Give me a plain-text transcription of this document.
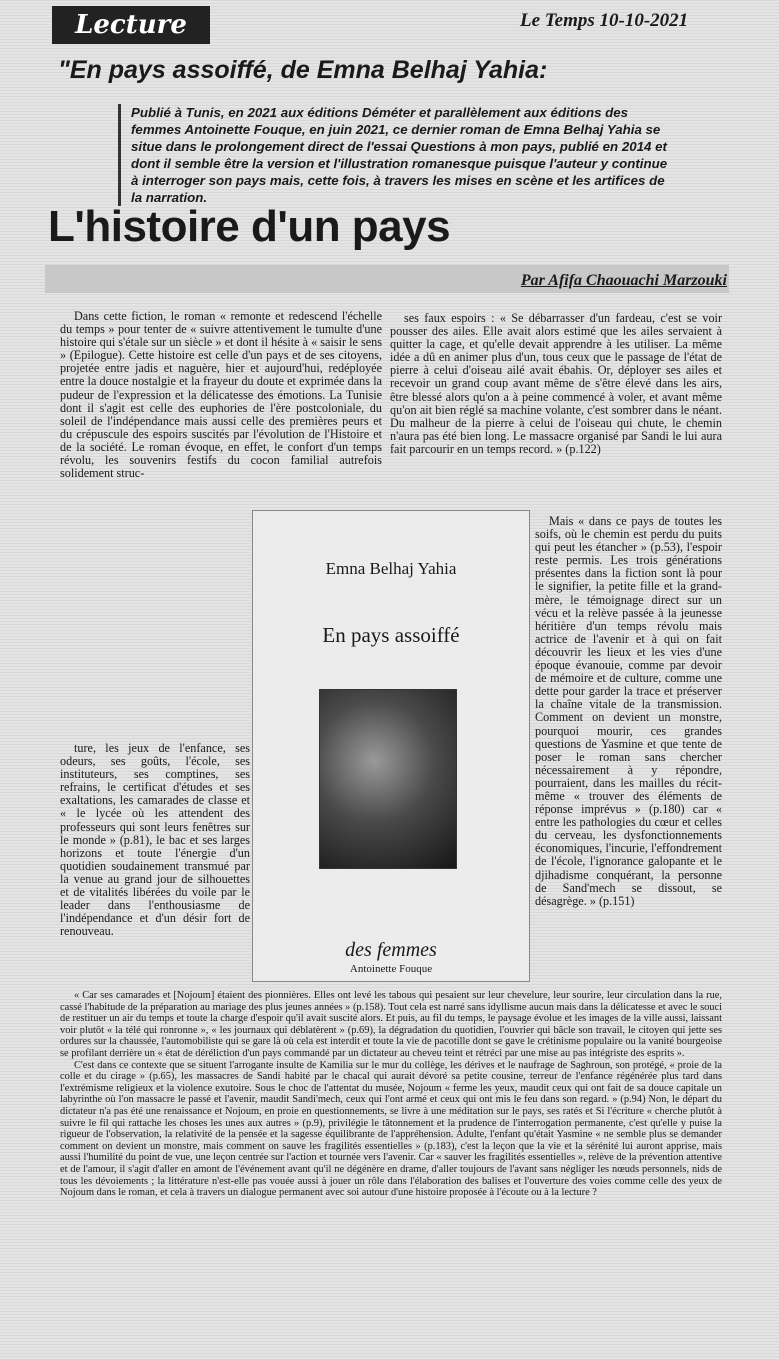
Lecture	Le Temps 10-10-2021
"En pays assoiffé, de Emna Belhaj Yahia:
Publié à Tunis, en 2021 aux éditions Déméter et parallèlement aux éditions des femmes Antoinette Fouque, en juin 2021, ce dernier roman de Emna Belhaj Yahia se situe dans le prolongement direct de l'essai Questions à mon pays, publié en 2014 et dont il semble être la version et l'illustration romanesque puisque l'auteur y continue à interroger son pays mais, cette fois, à travers les mises en scène et les artifices de la narration.
L'histoire d'un pays
Par Afifa Chaouachi Marzouki

Dans cette fiction, le roman « remonte et redescend l'échelle du temps » pour tenter de « suivre attentivement le tumulte d'une histoire qui s'étale sur un siècle » et dont il hésite à « saisir le sens » (Epilogue). Cette histoire est celle d'un pays et de ses citoyens, projetée entre jadis et naguère, hier et aujourd'hui, redéployée entre la douce nostalgie et la frayeur du doute et exprimée dans la pudeur de l'expression et la délicatesse des émotions. La Tunisie dont il s'agit est celle des euphories de l'ère postcoloniale, du soleil de l'indépendance mais aussi celle des premières peurs et du crépuscule des espoirs suscités par l'évolution de l'Histoire et de la société. Le roman évoque, en effet, le confort d'un temps révolu, les souvenirs festifs du cocon familial autrefois solidement struc-

ture, les jeux de l'enfance, ses odeurs, ses goûts, l'école, ses instituteurs, ses comptines, ses refrains, le certificat d'études et ses exaltations, les camarades de classe et « le lycée où les attendent des professeurs qui sont leurs fenêtres sur le monde » (p.81), le bac et ses larges horizons et toute l'énergie d'un quotidien soudainement transmué par la venue au grand jour de silhouettes et de vitalités libérées du voile par le leader dans l'enthousiasme de l'indépendance et d'un désir fort de renouveau.

ses faux espoirs : « Se débarrasser d'un fardeau, c'est se voir pousser des ailes. Elle avait alors estimé que les ailes servaient à quitter la cage, et qu'elle devait apprendre à les utiliser. La même idée a dû en animer plus d'un, tous ceux que le passage de l'état de pierre à celui d'oiseau ailé avait ébahis. Or, déployer ses ailes et recevoir un grand coup avant même de s'être élevé dans les airs, être blessé alors qu'on a à peine commencé à voler, et avant même qu'on ait bien réglé sa machine volante, c'est sombrer dans le néant. Du malheur de la pierre à celui de l'oiseau qui chute, le chemin n'aura pas été bien long. Le massacre organisé par Sandi le lui aura fait parcourir en un temps record. » (p.122)

Mais « dans ce pays de toutes les soifs, où le chemin est perdu du puits qui peut les étancher » (p.53), l'espoir reste permis. Les trois générations présentes dans la fiction sont là pour le signifier, la petite fille et la grand-mère, le témoignage direct sur un vécu et la relève passée à la jeunesse héritière d'un temps révolu mais actrice de l'avenir et à qui on fait découvrir les lieux et les vies d'une époque évanouie, comme par devoir de mémoire et de culture, comme une dette pour garder la trace et préserver la chaîne vitale de la transmission. Comment on devient un monstre, pourquoi mourir, ces grandes questions de Yasmine et que tente de poser le roman sans chercher nécessairement à y répondre, pourraient, dans les mailles du récit-même « trouver des éléments de réponse imprévus » (p.180) car « entre les pathologies du cœur et celles du cerveau, les dysfonctionnements économiques, l'incurie, l'effondrement de l'école, l'ignorance galopante et le djihadisme conquérant, la personne de Sand'mech se dissout, se désagrège. » (p.151)

Emna Belhaj Yahia
En pays assoiffé
des femmes
Antoinette Fouque

« Car ses camarades et [Nojoum] étaient des pionnières. Elles ont levé les tabous qui pesaient sur leur chevelure, leur sourire, leur circulation dans la rue, cassé l'habitude de la préparation au mariage des plus jeunes années » (p.158). Tout cela est narré sans idyllisme aucun mais dans la délicatesse et avec le souci de restituer un air du temps et toute la charge d'espoir qu'il avait suscité alors. Et puis, au fil du temps, le paysage évolue et les images de la ville aussi, laissant voir plutôt « la télé qui ronronne », « les journaux qui déblatèrent » (p.69), la dégradation du quotidien, l'ouvrier qui bâcle son travail, le citoyen qui jette ses ordures sur la chaussée, l'automobiliste qui se gare là où cela est interdit et toute la vie de pacotille dont se gave le crétinisme populaire ou la vanité bourgeoise se profilant derrière un « état de déréliction d'un pays commandé par un dictateur au cheveu teint et rétréci par une mise au pas intégriste des esprits ».

C'est dans ce contexte que se situent l'arrogante insulte de Kamilia sur le mur du collège, les dérives et le naufrage de Saghroun, son protégé, « proie de la colle et du cirage » (p.65), les massacres de Sandi habité par le chacal qui aurait dévoré sa petite cousine, terreur de l'enfance régénérée plus tard dans l'extrémisme religieux et la violence exutoire. Sous le choc de l'attentat du musée, Nojoum « ferme les yeux, maudit ceux qui ont fait de sa douce capitale un labyrinthe où l'on massacre le passé et l'avenir, maudit Sandi'mech, ceux qui l'ont armé et ceux qui ont mis le feu dans son regard. » (p.94) Non, le départ du dictateur n'a pas été une renaissance et Nojoum, en proie en questionnements, se livre à une méditation sur le pays, ses ratés et Si l'écriture « cherche plutôt à suivre le fil qui rattache les choses les unes aux autres » (p.9), privilégie le tâtonnement et la prudence de l'interrogation permanente, c'est qu'elle y puise la rigueur de l'observation, la relativité de la pensée et la sagesse équilibrante de l'appréhension. Adulte, l'enfant qu'était Yasmine « ne semble plus se demander comment on devient un monstre, mais comment on sauve les fragilités essentielles » (p.183), c'est la leçon que la vie et la sérénité lui auront apprise, mais aussi l'humilité du point de vue, une leçon centrée sur l'action et tournée vers l'avenir. Car « sauver les fragilités essentielles », relève de la prévention attentive et de l'amour, il s'agit d'aller en amont de l'événement avant qu'il ne dégénère en drame, d'aller toujours de l'avant sans négliger les nœuds personnels, nids de tous les dévoiements ; la littérature n'est-elle pas vouée aussi à jouer un rôle dans l'élaboration des balises et l'ouverture des voies comme celle des yeux de Nojoum dans le roman, et cela à travers un dialogue permanent avec soi autour d'une histoire proposée à l'écoute ou à la lecture ?
